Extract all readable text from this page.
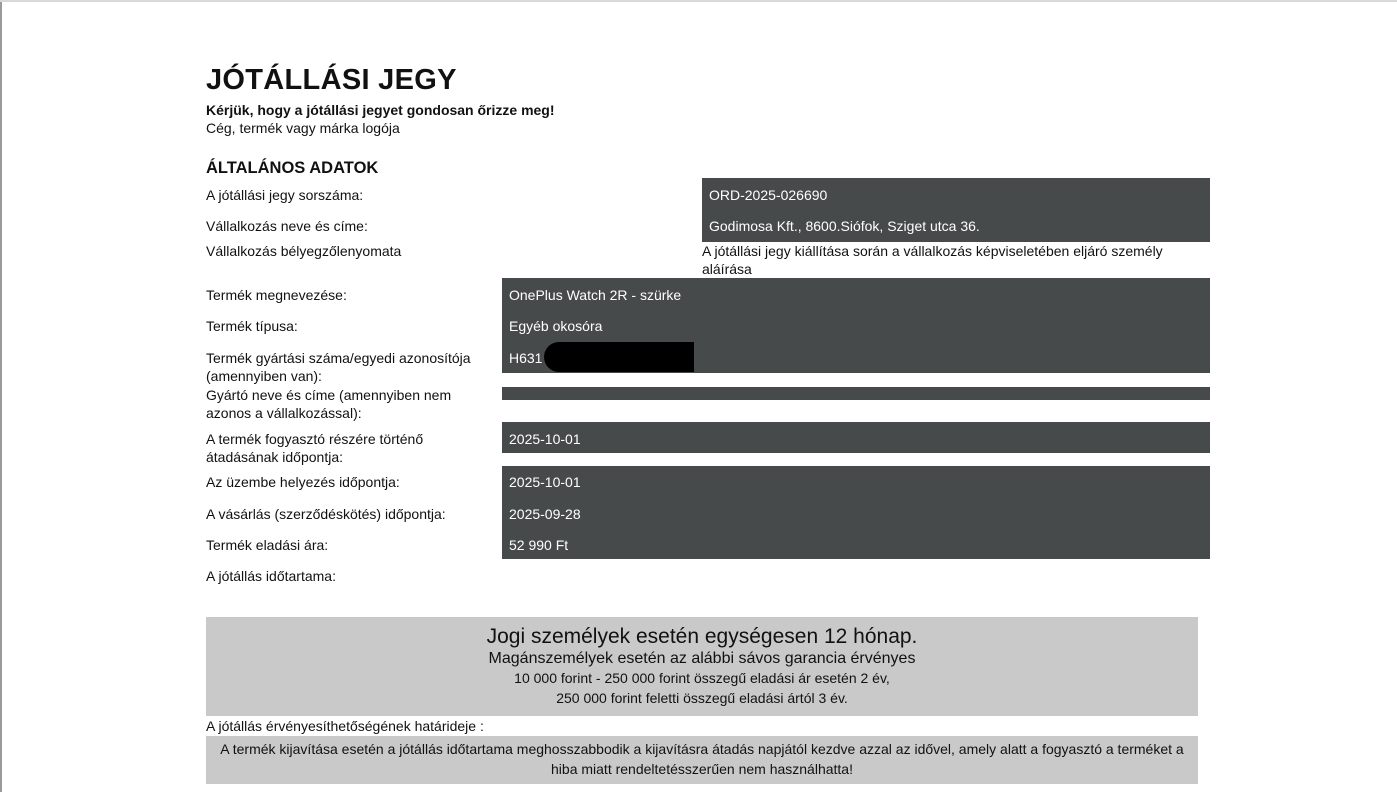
JÓTÁLLÁSI JEGY
Kérjük, hogy a jótállási jegyet gondosan őrizze meg!
Cég, termék vagy márka logója
ÁLTALÁNOS ADATOK
A jótállási jegy sorszáma:	ORD-2025-026690
Godimosa Kft., 8600.Siófok, Sziget utca 36.
Vállalkozás neve és címe:
Vállalkozás bélyegzőlenyomata	A jótállási jegy kiállítása során a vállalkozás képviseletében eljáró személy aláírása
OnePlus Watch 2R - szürke
Egyéb okosóra
H631
Termék megnevezése:
Termék típusa:
Termék gyártási száma/egyedi azonosítója (amennyiben van):
Gyártó neve és címe (amennyiben nem azonos a vállalkozással):
A termék fogyasztó részére történő átadásának időpontja:
2025-10-01
2025-10-01
2025-09-28
52 990 Ft
Az üzembe helyezés időpontja:
A vásárlás (szerződéskötés) időpontja:
Termék eladási ára:
A jótállás időtartama:
Jogi személyek esetén egységesen 12 hónap.
Magánszemélyek esetén az alábbi sávos garancia érvényes
10 000 forint - 250 000 forint összegű eladási ár esetén 2 év,
250 000 forint feletti összegű eladási ártól 3 év.
A jótállás érvényesíthetőségének határideje :
A termék kijavítása esetén a jótállás időtartama meghosszabbodik a kijavításra átadás napjától kezdve azzal az idővel, amely alatt a fogyasztó a terméket a hiba miatt rendeltetésszerűen nem használhatta!
